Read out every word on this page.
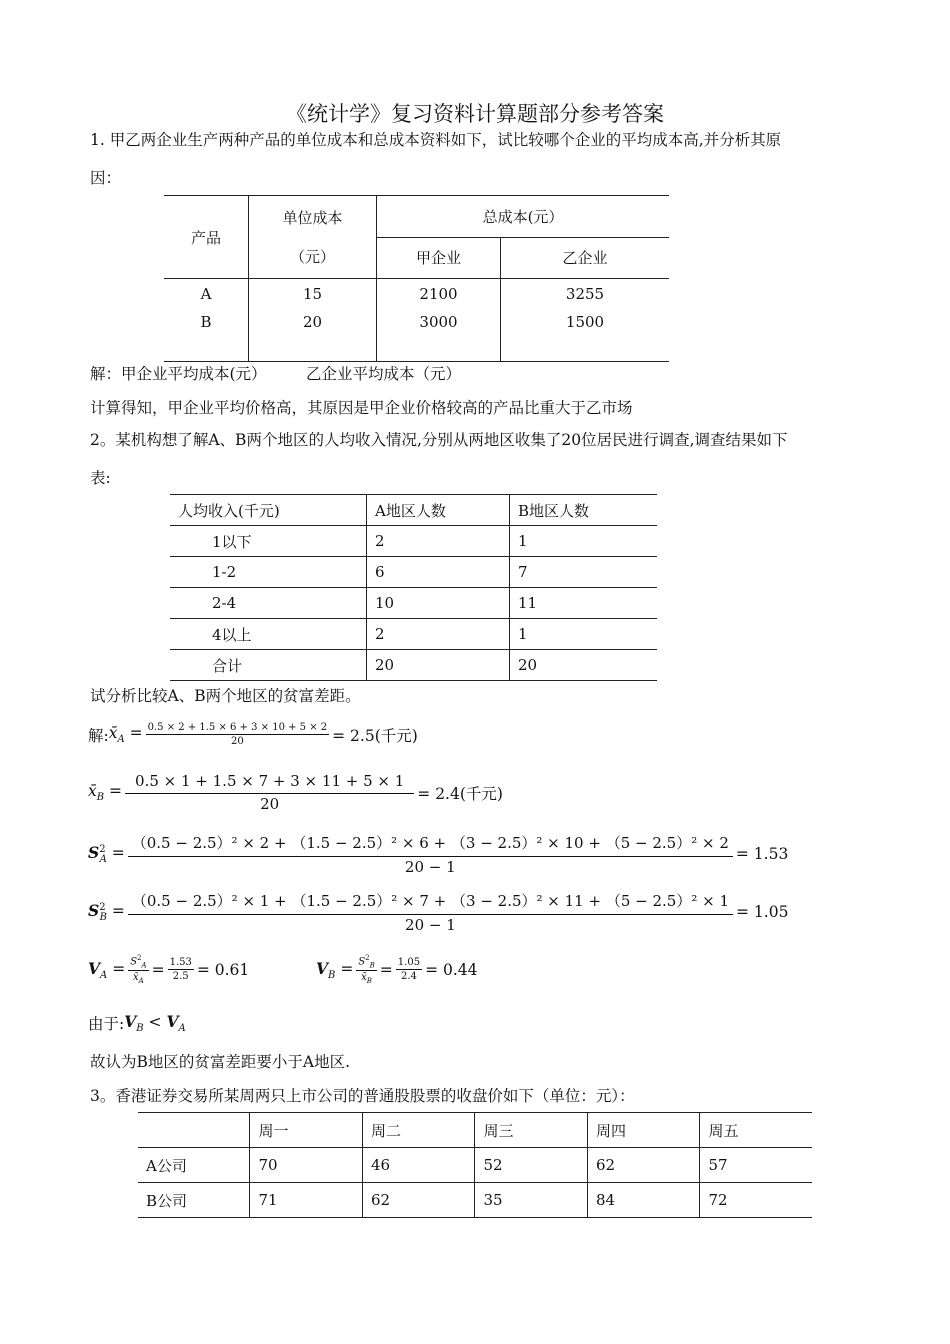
《统计学》复习资料计算题部分参考答案
1. 甲乙两企业生产两种产品的单位成本和总成本资料如下，试比较哪个企业的平均成本高,并分析其原
因：
产品	单位成本
（元）	总成本(元）	
		甲企业	乙企业
A	15	2100	3255
B	20	3000	1500
解：甲企业平均成本(元）        乙企业平均成本（元）
计算得知，甲企业平均价格高，其原因是甲企业价格较高的产品比重大于乙市场
2。某机构想了解A、B两个地区的人均收入情况,分别从两地区收集了20位居民进行调查,调查结果如下
表:
人均收入(千元)	A地区人数	B地区人数
1以下	2	1
1-2	6	7
2-4	10	11
4以上	2	1
合计	20	20
试分析比较A、B两个地区的贫富差距。
解: $x̄_A = \frac{0.5 \times 2 + 1.5 \times 6 + 3 \times 10 + 5 \times 2}{20} = 2.5$(千元)
$x̄_B = \frac{0.5 \times 1 + 1.5 \times 7 + 3 \times 11 + 5 \times 1}{20} = 2.4$(千元)
$S^2_A$ =
（0.5 − 2.5）² × 2 + （1.5 − 2.5）² × 6 + （3 − 2.5）² × 10 + （5 − 2.5）² × 2
20 − 1
= 1.53
$S^2_B$ =
（0.5 − 2.5）² × 1 + （1.5 − 2.5）² × 7 + （3 − 2.5）² × 11 + （5 − 2.5）² × 1
20 − 1
= 1.05
$V_A = \frac{S^2_A}{x̄_A} = \frac{1.53}{2.5} = 0.61$	$V_B = \frac{S^2_B}{x̄_B} = \frac{1.05}{2.4} = 0.44$
由于: $V_B < V_A$
故认为B地区的贫富差距要小于A地区.
3。香港证券交易所某周两只上市公司的普通股股票的收盘价如下（单位：元）：
	周一	周二	周三	周四	周五
A公司	70	46	52	62	57
B公司	71	62	35	84	72
